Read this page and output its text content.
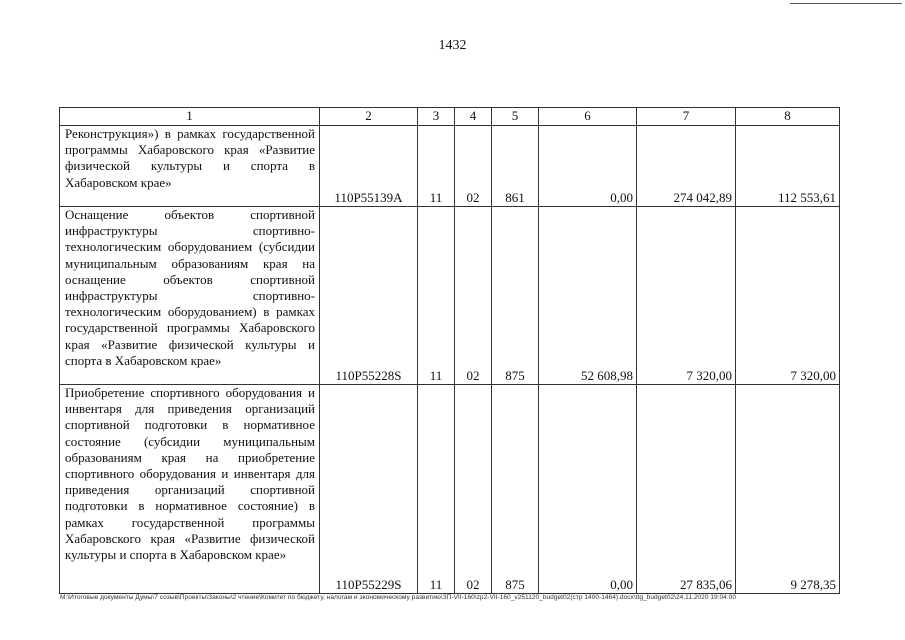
1432
1	2	3	4	5	6	7	8
Реконструкция») в рамках государственной программы Хабаровского края «Развитие физической культуры и спорта в Хабаровском крае»	110Р55139А	11	02	861	0,00	274 042,89	112 553,61
Оснащение объектов спортивной инфраструктуры спортивно-технологическим оборудованием (субсидии муниципальным образованиям края на оснащение объектов спортивной инфраструктуры спортивно-технологическим оборудованием) в рамках государственной программы Хабаровского края «Развитие физической культуры и спорта в Хабаровском крае»	110Р55228S	11	02	875	52 608,98	7 320,00	7 320,00
Приобретение спортивного оборудования и инвентаря для приведения организаций спортивной подготовки в нормативное состояние (субсидии муниципальным образованиям края на приобретение спортивного оборудования и инвентаря для приведения организаций спортивной подготовки в нормативное состояние) в рамках государственной программы Хабаровского края «Развитие физической культуры и спорта в Хабаровском крае»	110Р55229S	11	02	875	0,00	27 835,06	9 278,35
M:\Итоговые документы Думы\7 созыв\Проекты\Законы\2 чтение\Комитет по бюджету, налогам и экономическому развитию\ЗП-VII-160\zp2-VII-160_v251120_budget02(стр 1400-1464).docx\ttg_budget02\24.11.2020 19:04:00
